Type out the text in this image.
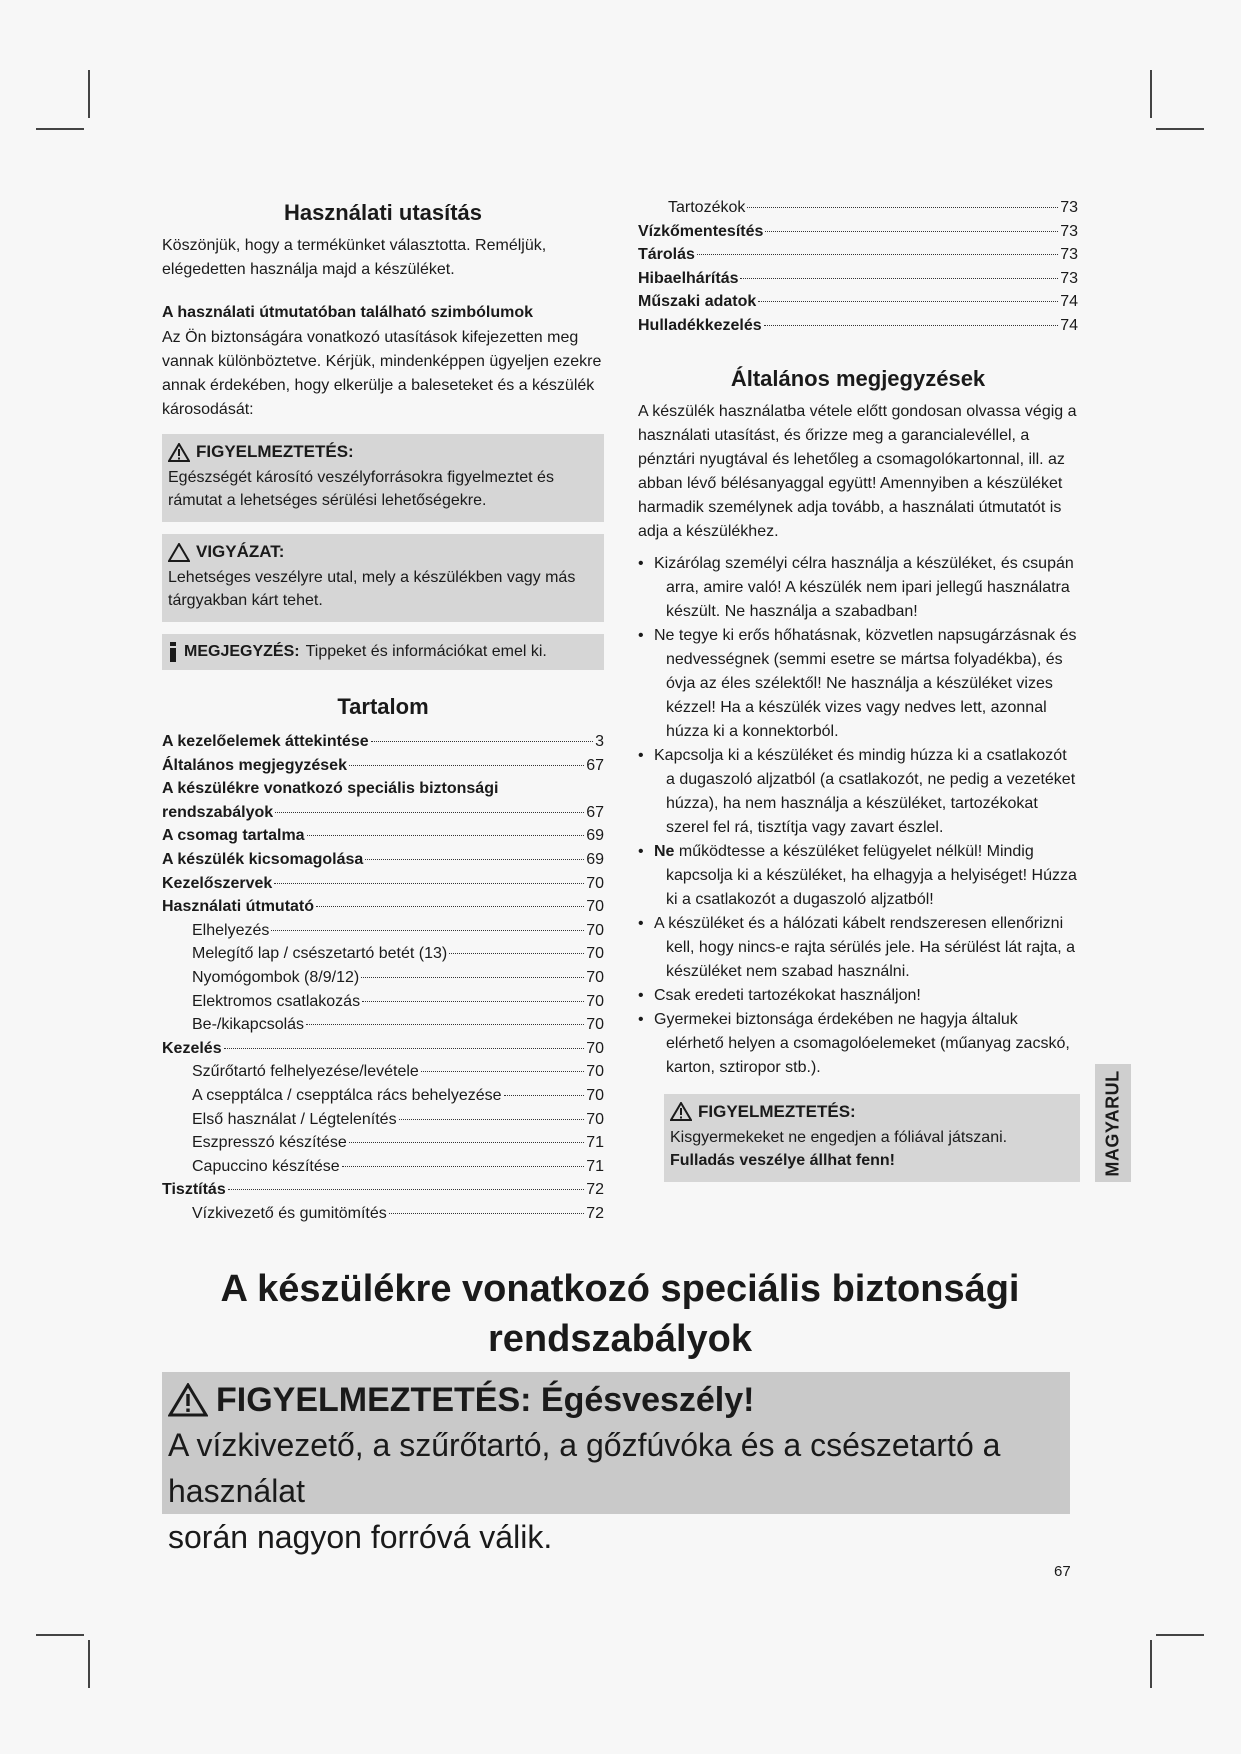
Használati utasítás

Köszönjük, hogy a termékünket választotta. Reméljük, elégedetten használja majd a készüléket.

A használati útmutatóban található szimbólumok

Az Ön biztonságára vonatkozó utasítások kifejezetten meg vannak különböztetve. Kérjük, mindenképpen ügyeljen ezekre annak érdekében, hogy elkerülje a baleseteket és a készülék károsodását:

FIGYELMEZTETÉS:

Egészségét károsító veszélyforrásokra figyelmeztet és rámutat a lehetséges sérülési lehetőségekre.

VIGYÁZAT:

Lehetséges veszélyre utal, mely a készülékben vagy más tárgyakban kárt tehet.

MEGJEGYZÉS: Tippeket és információkat emel ki.
Tartalom
A kezelőelemek áttekintése	3
Általános megjegyzések	67
A készülékre vonatkozó speciális biztonsági
rendszabályok	67
A csomag tartalma	69
A készülék kicsomagolása	69
Kezelőszervek	70
Használati útmutató	70
Elhelyezés	70
Melegítő lap / csészetartó betét (13)	70
Nyomógombok (8/9/12)	70
Elektromos csatlakozás	70
Be-/kikapcsolás	70
Kezelés	70
Szűrőtartó felhelyezése/levétele	70
A csepptálca / csepptálca rács behelyezése	70
Első használat / Légtelenítés	70
Eszpresszó készítése	71
Capuccino készítése	71
Tisztítás	72
Vízkivezető és gumitömítés	72
Tartozékok	73
Vízkőmentesítés	73
Tárolás	73
Hibaelhárítás	73
Műszaki adatok	74
Hulladékkezelés	74
Általános megjegyzések

A készülék használatba vétele előtt gondosan olvassa végig a használati utasítást, és őrizze meg a garancialevéllel, a pénztári nyugtával és lehetőleg a csomagolókartonnal, ill. az abban lévő bélésanyaggal együtt! Amennyiben a készüléket harmadik személynek adja tovább, a használati útmutatót is adja a készülékhez.

• Kizárólag személyi célra használja a készüléket, és csupán arra, amire való! A készülék nem ipari jellegű használatra készült. Ne használja a szabadban!
• Ne tegye ki erős hőhatásnak, közvetlen napsugárzásnak és nedvességnek (semmi esetre se mártsa folyadékba), és óvja az éles szélektől! Ne használja a készüléket vizes kézzel! Ha a készülék vizes vagy nedves lett, azonnal húzza ki a konnektorból.
• Kapcsolja ki a készüléket és mindig húzza ki a csatlakozót a dugaszoló aljzatból (a csatlakozót, ne pedig a vezetéket húzza), ha nem használja a készüléket, tartozékokat szerel fel rá, tisztítja vagy zavart észlel.
• Ne működtesse a készüléket felügyelet nélkül! Mindig kapcsolja ki a készüléket, ha elhagyja a helyiséget! Húzza ki a csatlakozót a dugaszoló aljzatból!
• A készüléket és a hálózati kábelt rendszeresen ellenőrizni kell, hogy nincs-e rajta sérülés jele. Ha sérülést lát rajta, a készüléket nem szabad használni.
• Csak eredeti tartozékokat használjon!
• Gyermekei biztonsága érdekében ne hagyja általuk elérhető helyen a csomagolóelemeket (műanyag zacskó, karton, sztiropor stb.).
FIGYELMEZTETÉS:

Kisgyermekeket ne engedjen a fóliával játszani. Fulladás veszélye állhat fenn!	MAGYARUL
A készülékre vonatkozó speciális biztonsági
rendszabályok
FIGYELMEZTETÉS: Égésveszély!
A vízkivezető, a szűrőtartó, a gőzfúvóka és a csészetartó a használat
során nagyon forróvá válik.
67
